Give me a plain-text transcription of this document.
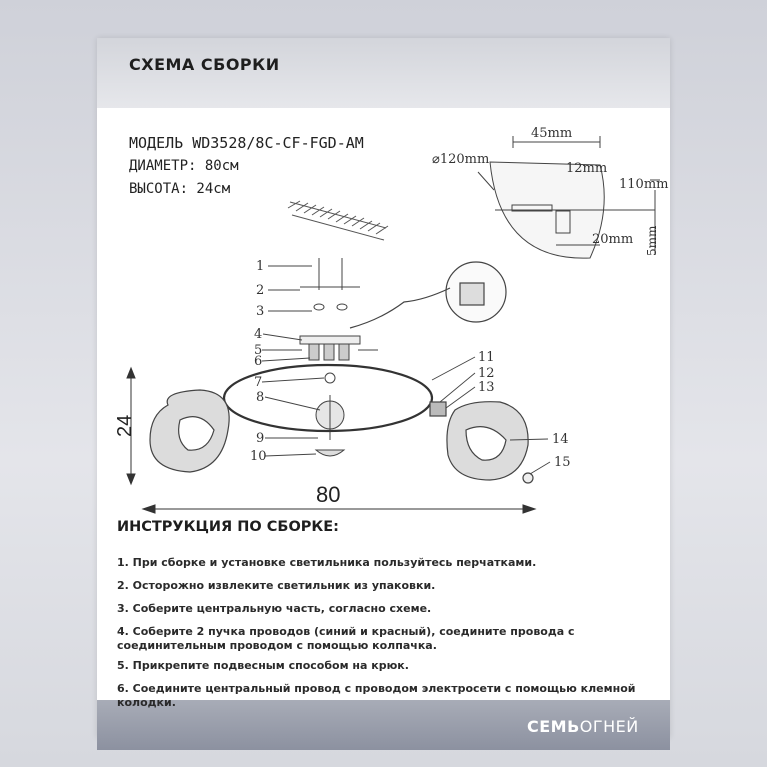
СХЕМА СБОРКИ
МОДЕЛЬ WD3528/8C-CF-FGD-AM
ДИАМЕТР: 80см
ВЫСОТА: 24см
⌀120mm
45mm
12mm
110mm
20mm 5mm
1
2
3
4
5
6
7
8
9
10
11
12
13
14
15
24
80
ИНСТРУКЦИЯ ПО СБОРКЕ:
1. При сборке и установке светильника пользуйтесь перчатками.
2. Осторожно извлеките светильник из упаковки.
3. Соберите центральную часть, согласно схеме.
4. Соберите 2 пучка проводов (синий и красный), соедините провода с соединительным проводом с помощью колпачка.
5. Прикрепите подвесным способом на крюк.
6. Соедините центральный провод с проводом электросети с помощью клемной колодки.
СЕМЬОГНЕЙ
